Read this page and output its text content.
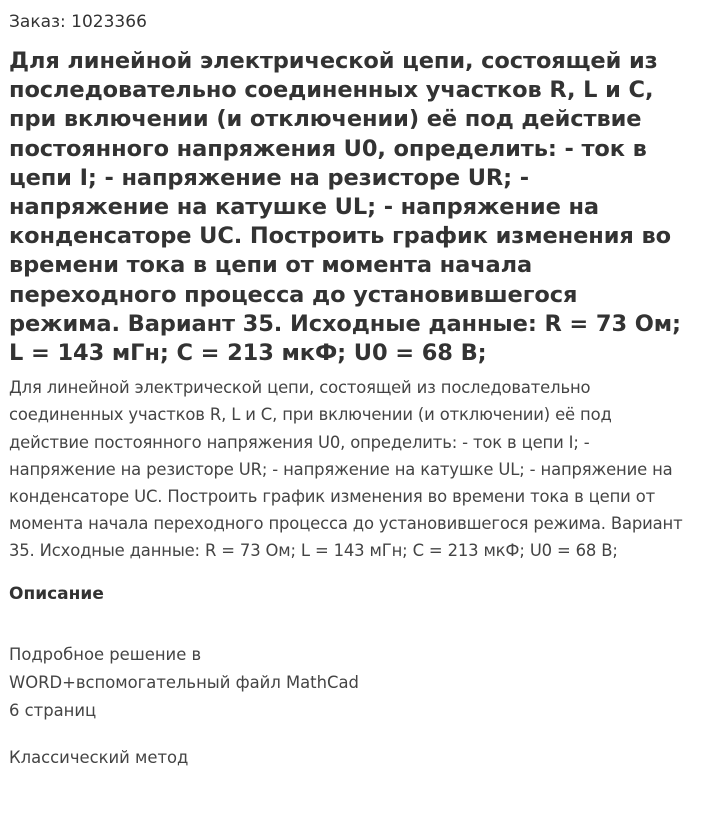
Заказ: 1023366

Для линейной электрической цепи, состоящей из последовательно соединенных участков R, L и C, при включении (и отключении) её под действие постоянного напряжения U0, определить: - ток в цепи I; - напряжение на резисторе UR; - напряжение на катушке UL; - напряжение на конденсаторе UC. Построить график изменения во времени тока в цепи от момента начала переходного процесса до установившегося режима. Вариант 35. Исходные данные: R = 73 Ом; L = 143 мГн; C = 213 мкФ; U0 = 68 В;

Для линейной электрической цепи, состоящей из последовательно соединенных участков R, L и C, при включении (и отключении) её под действие постоянного напряжения U0, определить: - ток в цепи I; - напряжение на резисторе UR; - напряжение на катушке UL; - напряжение на конденсаторе UC. Построить график изменения во времени тока в цепи от момента начала переходного процесса до установившегося режима. Вариант 35. Исходные данные: R = 73 Ом; L = 143 мГн; C = 213 мкФ; U0 = 68 В;

Описание
Подробное решение в
WORD+вспомогательный файл MathCad
6 страниц

Классический метод
